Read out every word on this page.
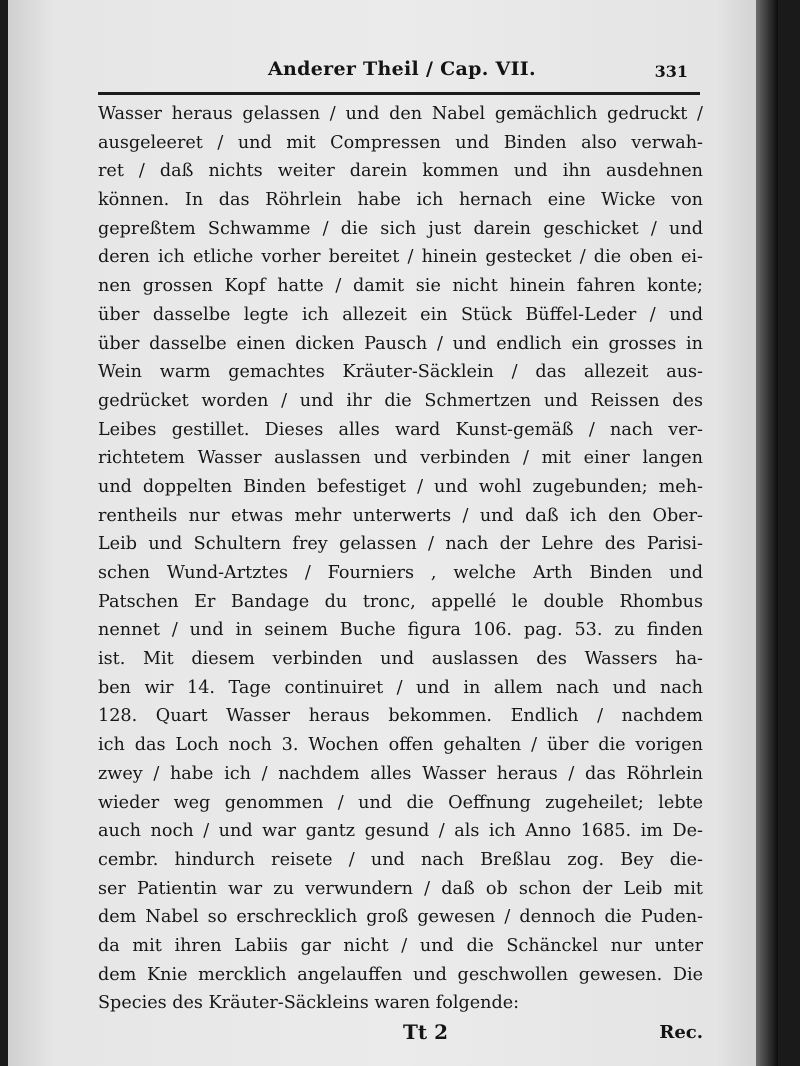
Anderer Theil / Cap. VII.	331
Wasser heraus gelassen / und den Nabel gemächlich gedruckt /
ausgeleeret / und mit Compressen und Binden also verwah-
ret / daß nichts weiter darein kommen und ihn ausdehnen
können. In das Röhrlein habe ich hernach eine Wicke von
gepreßtem Schwamme / die sich just darein geschicket / und
deren ich etliche vorher bereitet / hinein gestecket / die oben ei-
nen grossen Kopf hatte / damit sie nicht hinein fahren konte;
über dasselbe legte ich allezeit ein Stück Büffel-Leder / und
über dasselbe einen dicken Pausch / und endlich ein grosses in
Wein warm gemachtes Kräuter-Säcklein / das allezeit aus-
gedrücket worden / und ihr die Schmertzen und Reissen des
Leibes gestillet. Dieses alles ward Kunst-gemäß / nach ver-
richtetem Wasser auslassen und verbinden / mit einer langen
und doppelten Binden befestiget / und wohl zugebunden; meh-
rentheils nur etwas mehr unterwerts / und daß ich den Ober-
Leib und Schultern frey gelassen / nach der Lehre des Parisi-
schen Wund-Artztes / Fourniers , welche Arth Binden und
Patschen Er Bandage du tronc, appellé le double Rhombus
nennet / und in seinem Buche figura 106. pag. 53. zu finden
ist. Mit diesem verbinden und auslassen des Wassers ha-
ben wir 14. Tage continuiret / und in allem nach und nach
128. Quart Wasser heraus bekommen. Endlich / nachdem
ich das Loch noch 3. Wochen offen gehalten / über die vorigen
zwey / habe ich / nachdem alles Wasser heraus / das Röhrlein
wieder weg genommen / und die Oeffnung zugeheilet; lebte
auch noch / und war gantz gesund / als ich Anno 1685. im De-
cembr. hindurch reisete / und nach Breßlau zog. Bey die-
ser Patientin war zu verwundern / daß ob schon der Leib mit
dem Nabel so erschrecklich groß gewesen / dennoch die Puden-
da mit ihren Labiis gar nicht / und die Schänckel nur unter
dem Knie mercklich angelauffen und geschwollen gewesen. Die
Species des Kräuter-Säckleins waren folgende:
Tt 2	Rec.
